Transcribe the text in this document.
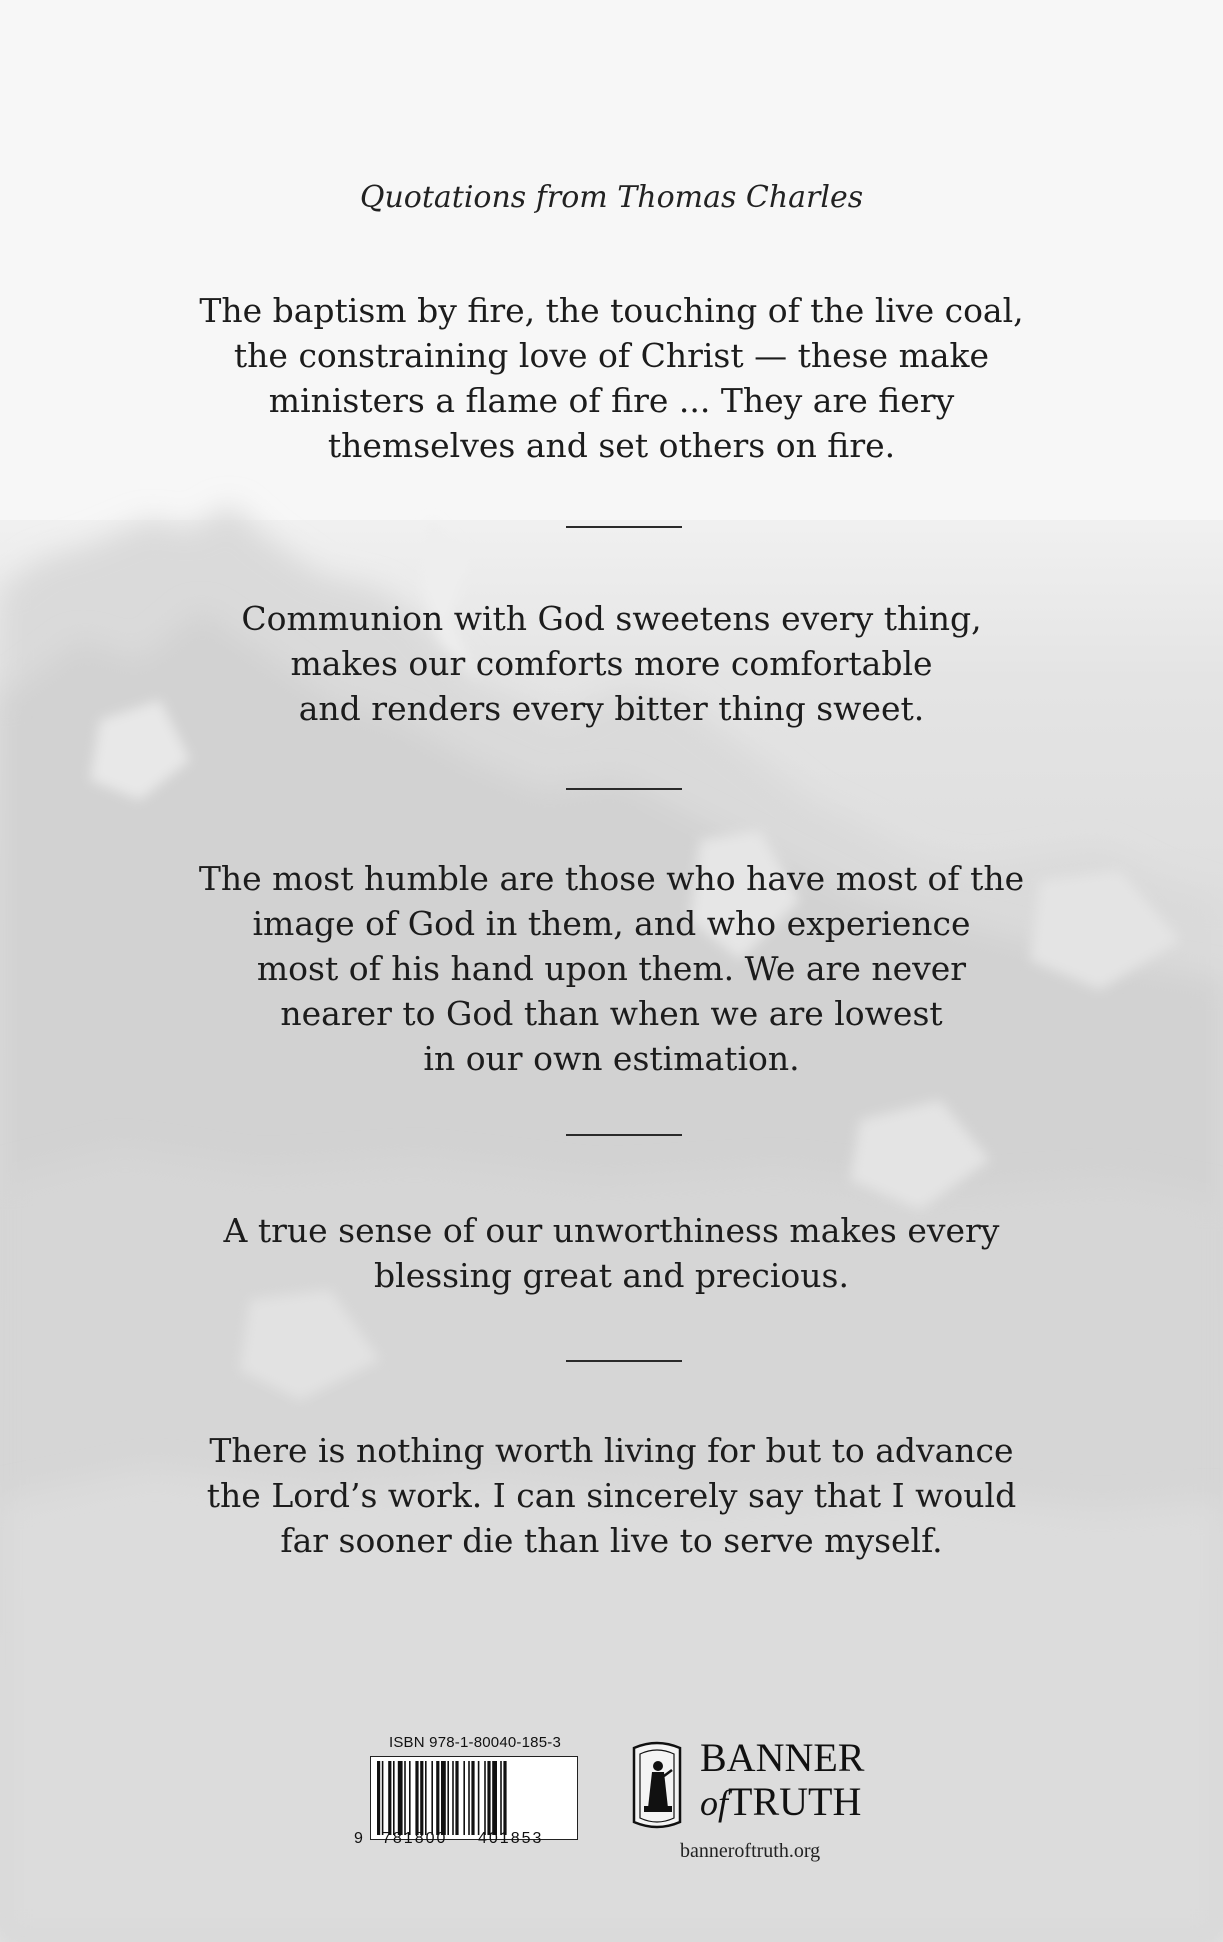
Quotations from Thomas Charles

The baptism by fire, the touching of the live coal,

the constraining love of Christ — these make

ministers a flame of fire ... They are fiery

themselves and set others on fire.

Communion with God sweetens every thing,

makes our comforts more comfortable

and renders every bitter thing sweet.

The most humble are those who have most of the

image of God in them, and who experience

most of his hand upon them. We are never

nearer to God than when we are lowest

in our own estimation.

A true sense of our unworthiness makes every

blessing great and precious.

There is nothing worth living for but to advance

the Lord’s work. I can sincerely say that I would

far sooner die than live to serve myself.

ISBN 978-1-80040-185-3
9 781800 401853
BANNER
ofTRUTH
banneroftruth.org
